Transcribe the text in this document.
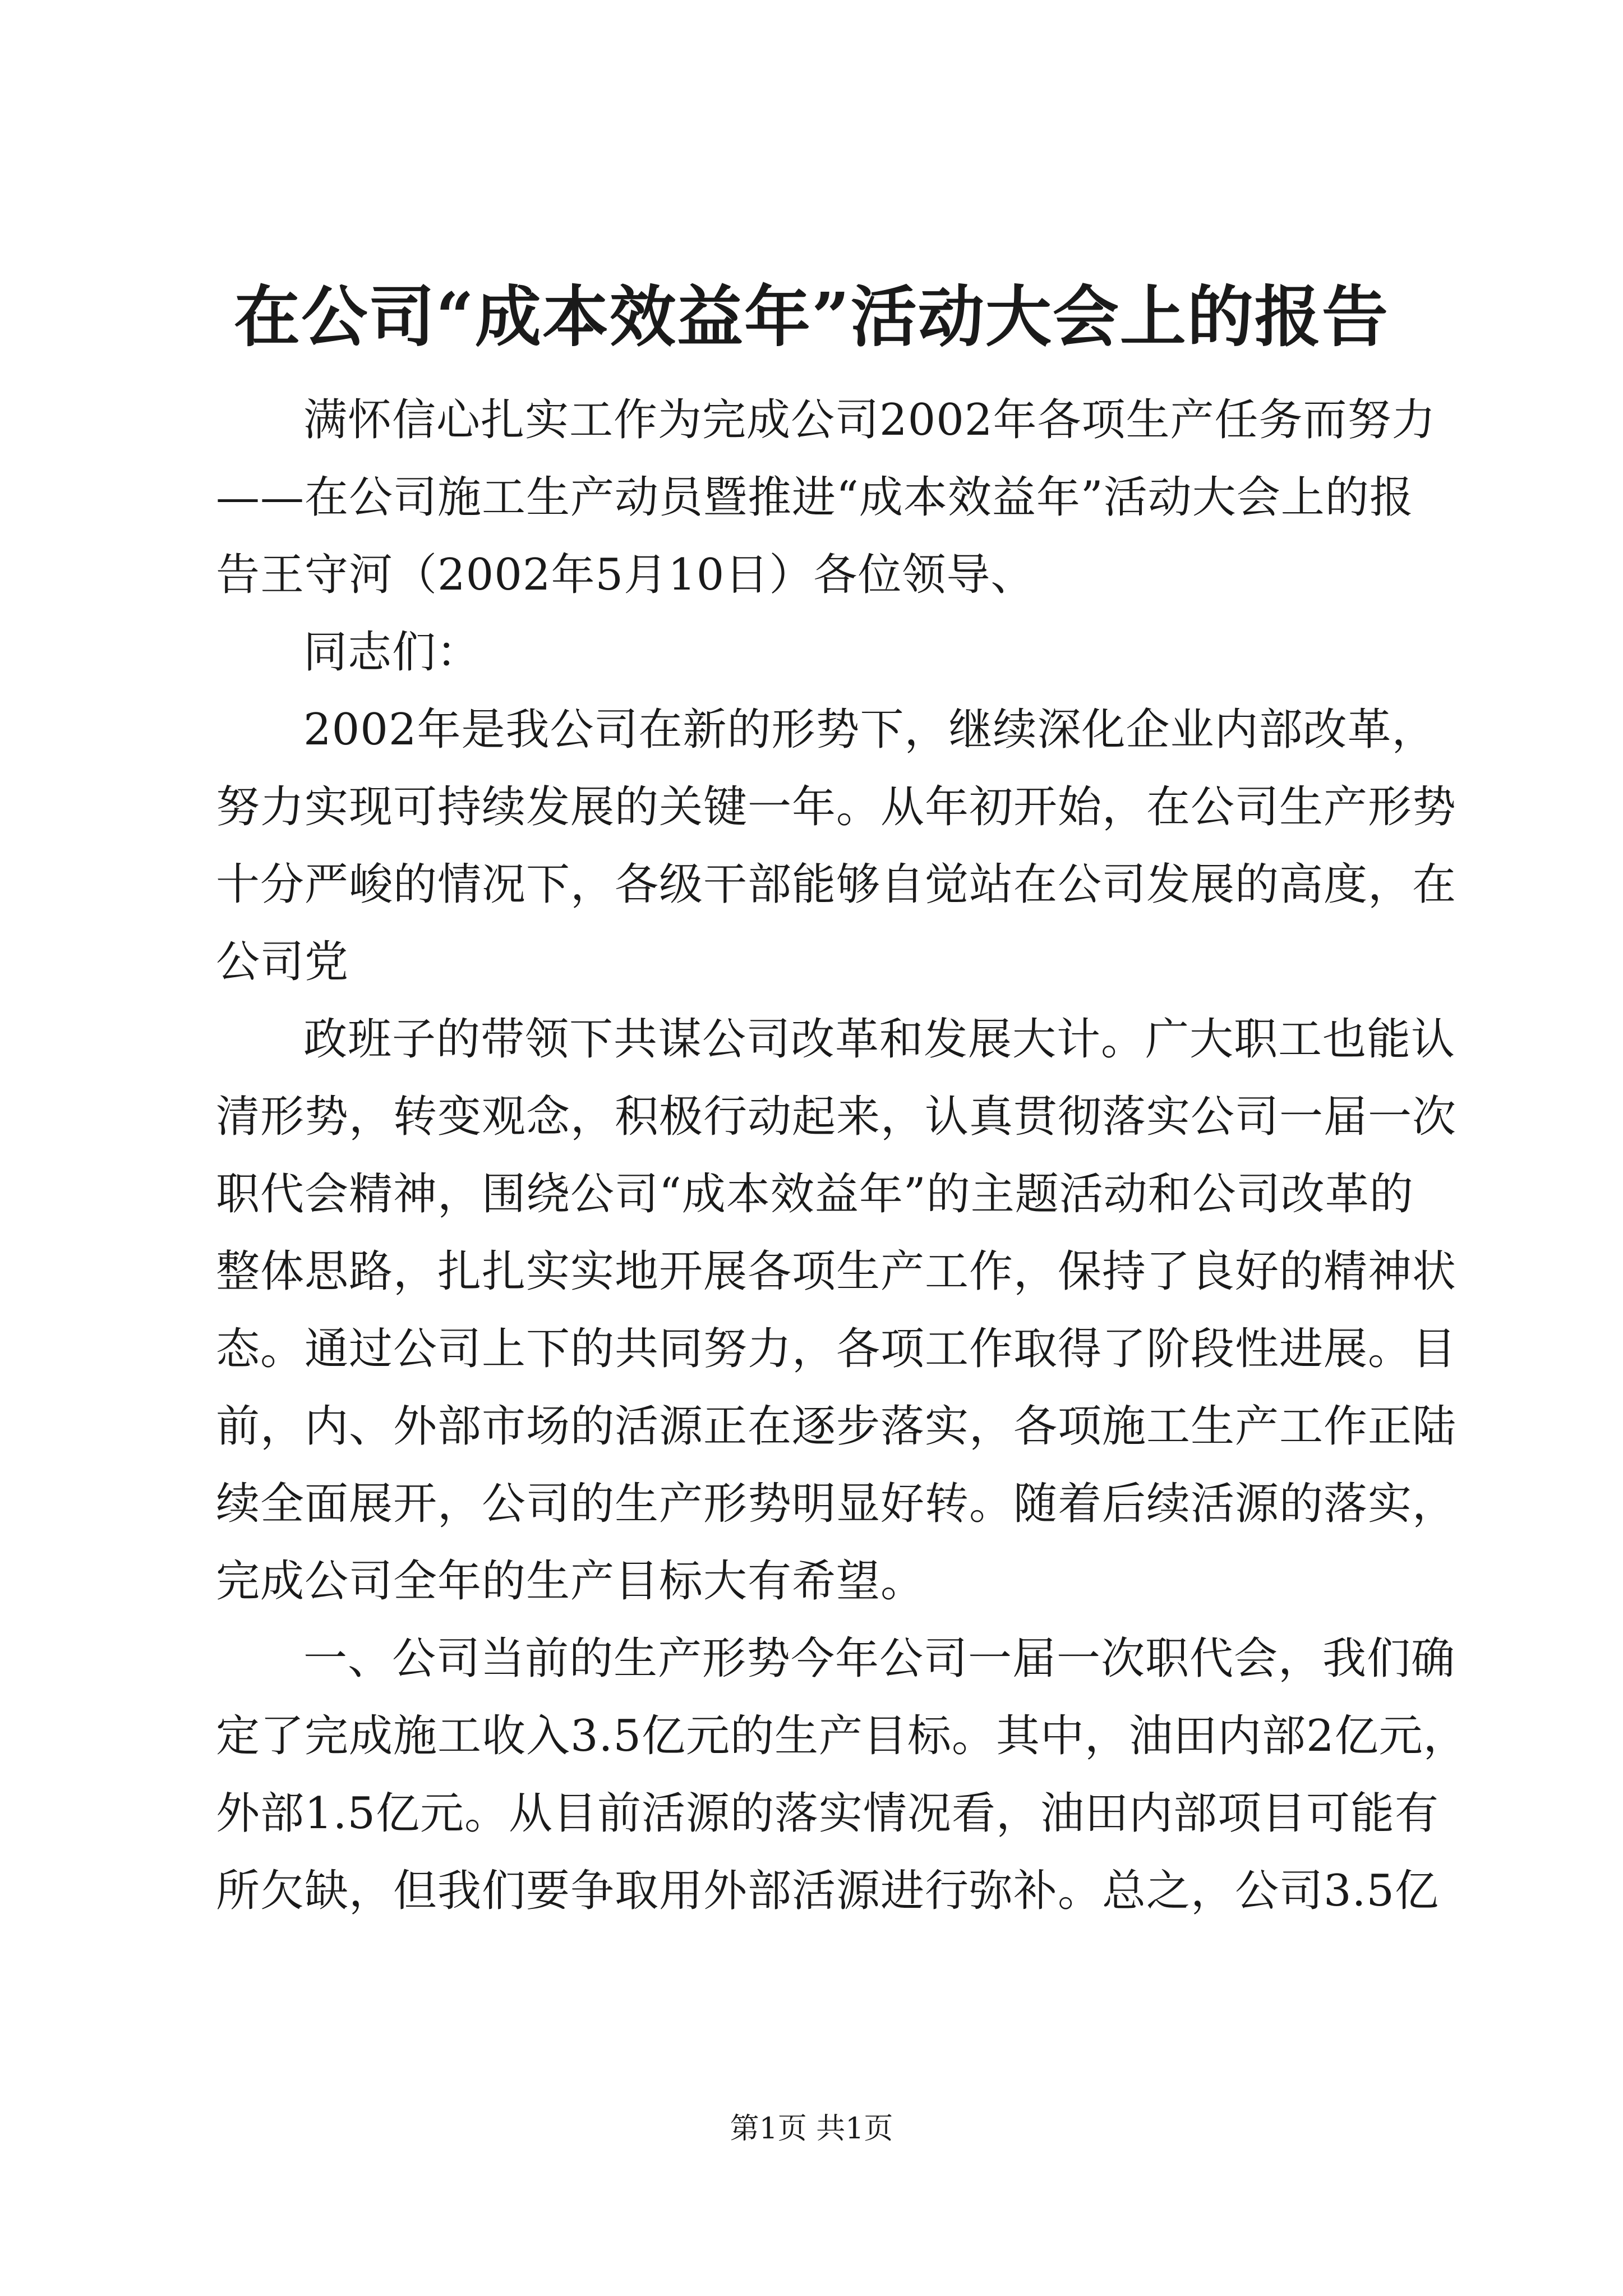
在公司“成本效益年”活动大会上的报告
满怀信心扎实工作为完成公司2002年各项生产任务而努力
——在公司施工生产动员暨推进“成本效益年”活动大会上的报
告王守河（2002年5月10日）各位领导、
同志们：
2002年是我公司在新的形势下，继续深化企业内部改革，
努力实现可持续发展的关键一年。从年初开始，在公司生产形势
十分严峻的情况下，各级干部能够自觉站在公司发展的高度，在
公司党
政班子的带领下共谋公司改革和发展大计。广大职工也能认
清形势，转变观念，积极行动起来，认真贯彻落实公司一届一次
职代会精神，围绕公司“成本效益年”的主题活动和公司改革的
整体思路，扎扎实实地开展各项生产工作，保持了良好的精神状
态。通过公司上下的共同努力，各项工作取得了阶段性进展。目
前，内、外部市场的活源正在逐步落实，各项施工生产工作正陆
续全面展开，公司的生产形势明显好转。随着后续活源的落实，
完成公司全年的生产目标大有希望。
一、公司当前的生产形势今年公司一届一次职代会，我们确
定了完成施工收入3.5亿元的生产目标。其中，油田内部2亿元，
外部1.5亿元。从目前活源的落实情况看，油田内部项目可能有
所欠缺，但我们要争取用外部活源进行弥补。总之，公司3.5亿
第1页 共1页
